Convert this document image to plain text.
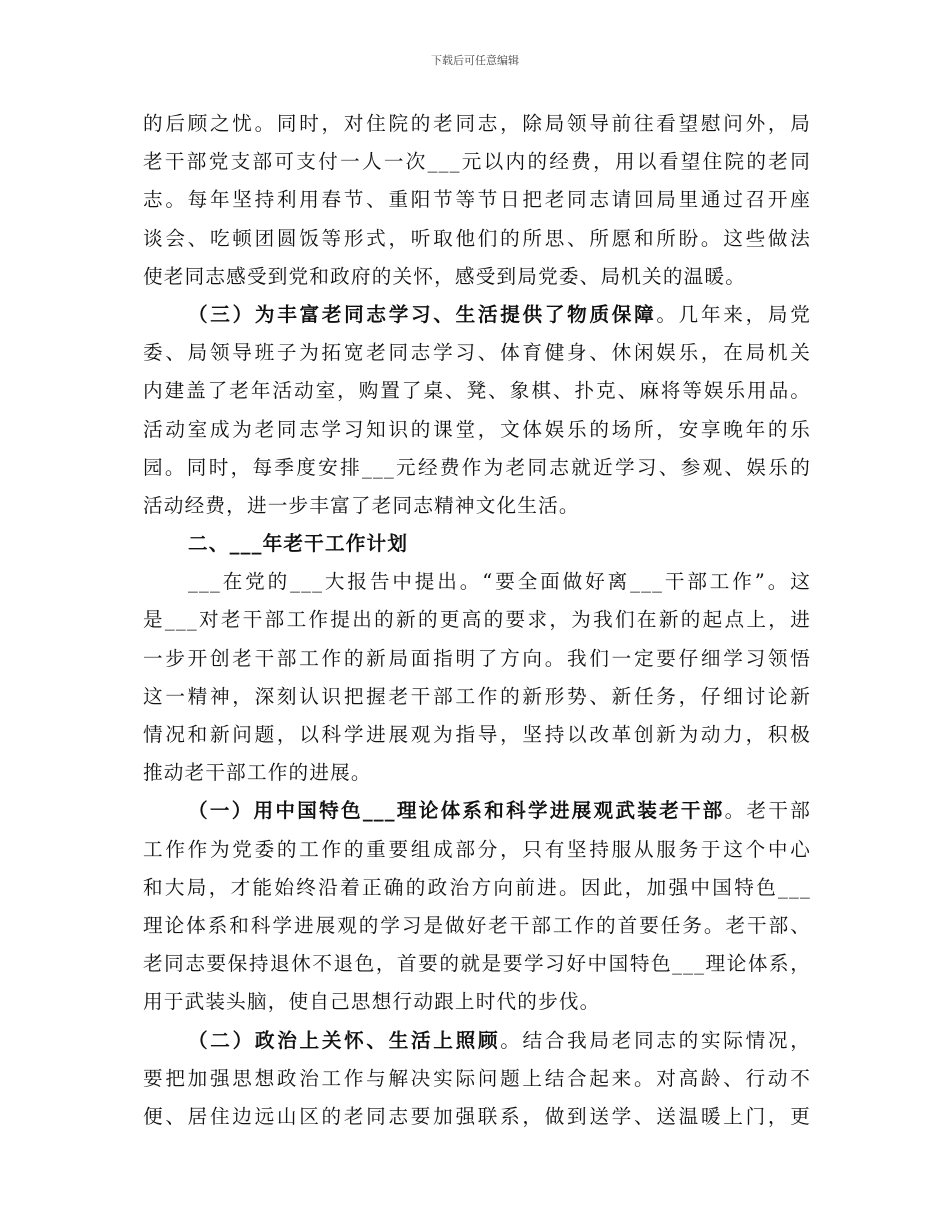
下载后可任意编辑
的后顾之忧。同时，对住院的老同志，除局领导前往看望慰问外，局
老干部党支部可支付一人一次___元以内的经费，用以看望住院的老同
志。每年坚持利用春节、重阳节等节日把老同志请回局里通过召开座
谈会、吃顿团圆饭等形式，听取他们的所思、所愿和所盼。这些做法
使老同志感受到党和政府的关怀，感受到局党委、局机关的温暖。
（三）为丰富老同志学习、生活提供了物质保障。几年来，局党
委、局领导班子为拓宽老同志学习、体育健身、休闲娱乐，在局机关
内建盖了老年活动室，购置了桌、凳、象棋、扑克、麻将等娱乐用品。
活动室成为老同志学习知识的课堂，文体娱乐的场所，安享晚年的乐
园。同时，每季度安排___元经费作为老同志就近学习、参观、娱乐的
活动经费，进一步丰富了老同志精神文化生活。
二、___年老干工作计划
___在党的___大报告中提出。“要全面做好离___干部工作”。这
是___对老干部工作提出的新的更高的要求，为我们在新的起点上，进
一步开创老干部工作的新局面指明了方向。我们一定要仔细学习领悟
这一精神，深刻认识把握老干部工作的新形势、新任务，仔细讨论新
情况和新问题，以科学进展观为指导，坚持以改革创新为动力，积极
推动老干部工作的进展。
（一）用中国特色___理论体系和科学进展观武装老干部。老干部
工作作为党委的工作的重要组成部分，只有坚持服从服务于这个中心
和大局，才能始终沿着正确的政治方向前进。因此，加强中国特色___
理论体系和科学进展观的学习是做好老干部工作的首要任务。老干部、
老同志要保持退休不退色，首要的就是要学习好中国特色___理论体系，
用于武装头脑，使自己思想行动跟上时代的步伐。
（二）政治上关怀、生活上照顾。结合我局老同志的实际情况，
要把加强思想政治工作与解决实际问题上结合起来。对高龄、行动不
便、居住边远山区的老同志要加强联系，做到送学、送温暖上门，更
